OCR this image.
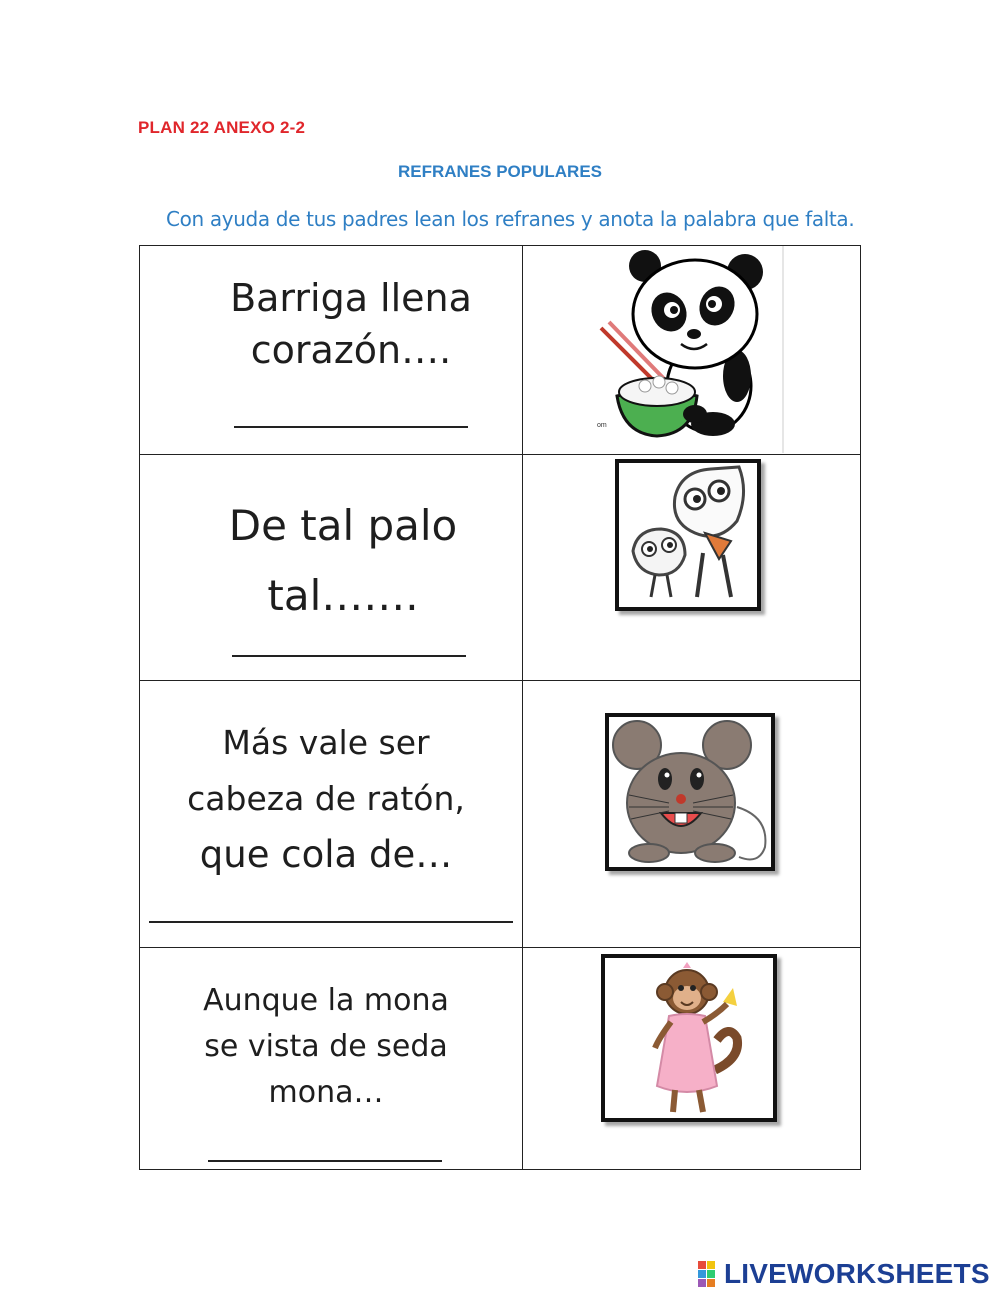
PLAN 22 ANEXO 2-2
REFRANES POPULARES
Con ayuda de tus padres lean los refranes y anota la palabra que falta.
Barriga llena
corazón….	om

De tal palo
tal…….

Más vale ser
cabeza de ratón,
que cola de…

Aunque la mona
se vista de seda
mona…

LIVEWORKSHEETS
